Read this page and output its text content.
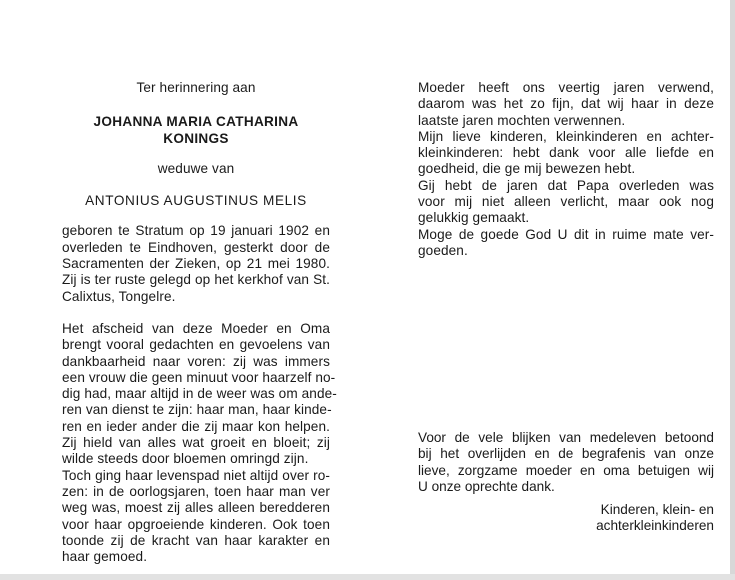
Ter herinnering aan
JOHANNA MARIA CATHARINA
KONINGS
weduwe van
ANTONIUS AUGUSTINUS MELIS
geboren te Stratum op 19 januari 1902 en
overleden te Eindhoven, gesterkt door de
Sacramenten der Zieken, op 21 mei 1980.
Zij is ter ruste gelegd op het kerkhof van St.
Calixtus, Tongelre.
Het afscheid van deze Moeder en Oma
brengt vooral gedachten en gevoelens van
dankbaarheid naar voren: zij was immers
een vrouw die geen minuut voor haarzelf no-
dig had, maar altijd in de weer was om ande-
ren van dienst te zijn: haar man, haar kinde-
ren en ieder ander die zij maar kon helpen.
Zij hield van alles wat groeit en bloeit; zij
wilde steeds door bloemen omringd zijn.
Toch ging haar levenspad niet altijd over ro-
zen: in de oorlogsjaren, toen haar man ver
weg was, moest zij alles alleen beredderen
voor haar opgroeiende kinderen. Ook toen
toonde zij de kracht van haar karakter en
haar gemoed.
Moeder heeft ons veertig jaren verwend,
daarom was het zo fijn, dat wij haar in deze
laatste jaren mochten verwennen.
Mijn lieve kinderen, kleinkinderen en achter-
kleinkinderen: hebt dank voor alle liefde en
goedheid, die ge mij bewezen hebt.
Gij hebt de jaren dat Papa overleden was
voor mij niet alleen verlicht, maar ook nog
gelukkig gemaakt.
Moge de goede God U dit in ruime mate ver-
goeden.
Voor de vele blijken van medeleven betoond
bij het overlijden en de begrafenis van onze
lieve, zorgzame moeder en oma betuigen wij
U onze oprechte dank.
Kinderen, klein- en
achterkleinkinderen
